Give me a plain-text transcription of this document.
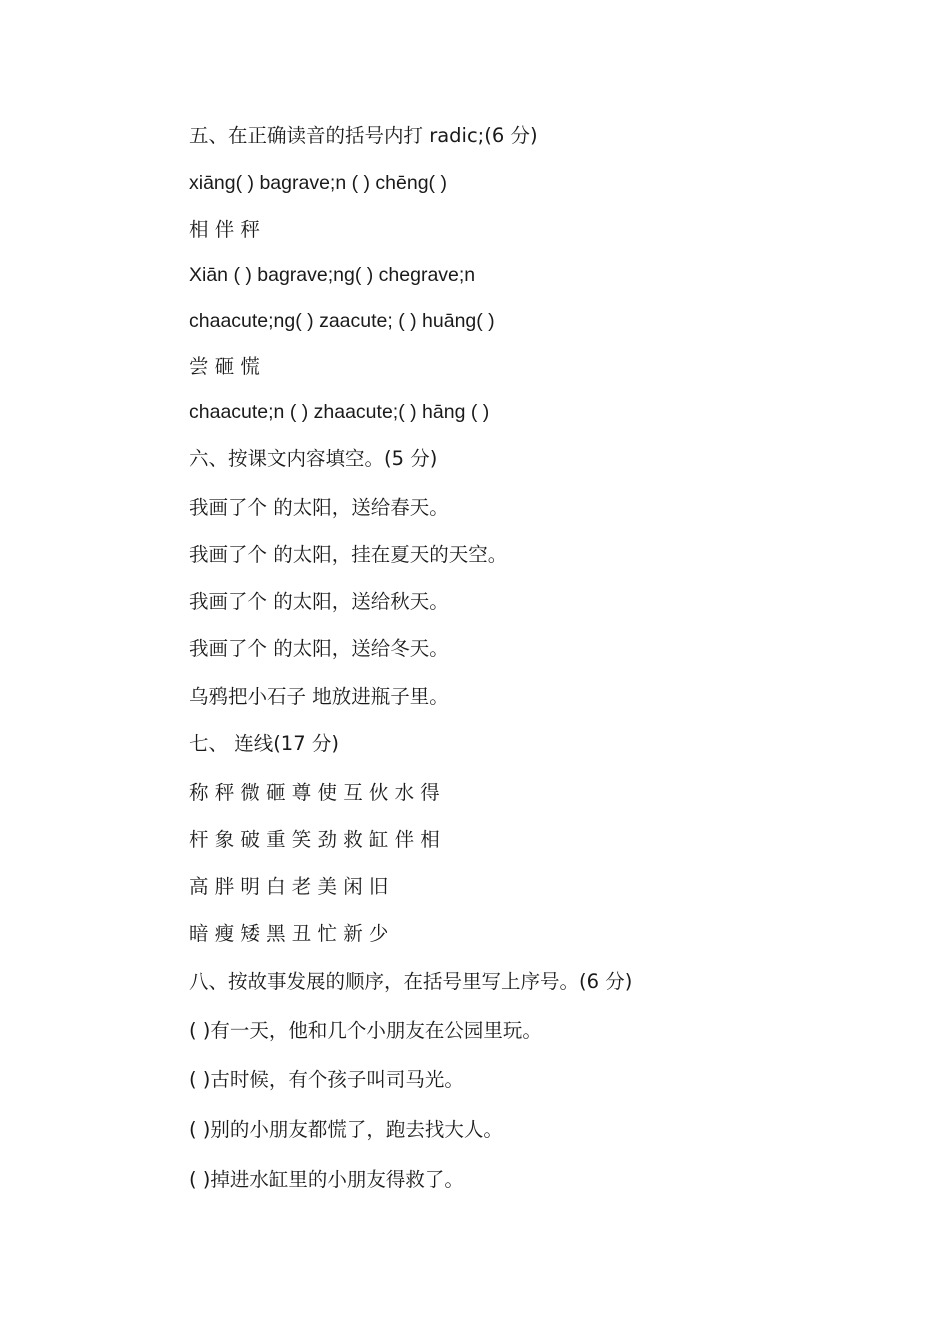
五、在正确读音的括号内打 radic;(6 分)

xiāng( ) bagrave;n ( ) chēng( )

相 伴 秤

Xiān ( ) bagrave;ng( ) chegrave;n

chaacute;ng( ) zaacute; ( ) huāng( )

尝 砸 慌

chaacute;n ( ) zhaacute;( ) hāng ( )

六、按课文内容填空。(5 分)

我画了个 的太阳，送给春天。

我画了个 的太阳，挂在夏天的天空。

我画了个 的太阳，送给秋天。

我画了个 的太阳，送给冬天。

乌鸦把小石子 地放进瓶子里。

七、 连线(17 分)

称 秤 微 砸 尊 使 互 伙 水 得

杆 象 破 重 笑 劲 救 缸 伴 相

高 胖 明 白 老 美 闲 旧

暗 瘦 矮 黑 丑 忙 新 少

八、按故事发展的顺序，在括号里写上序号。(6 分)

( )有一天，他和几个小朋友在公园里玩。

( )古时候，有个孩子叫司马光。

( )别的小朋友都慌了，跑去找大人。

( )掉进水缸里的小朋友得救了。
